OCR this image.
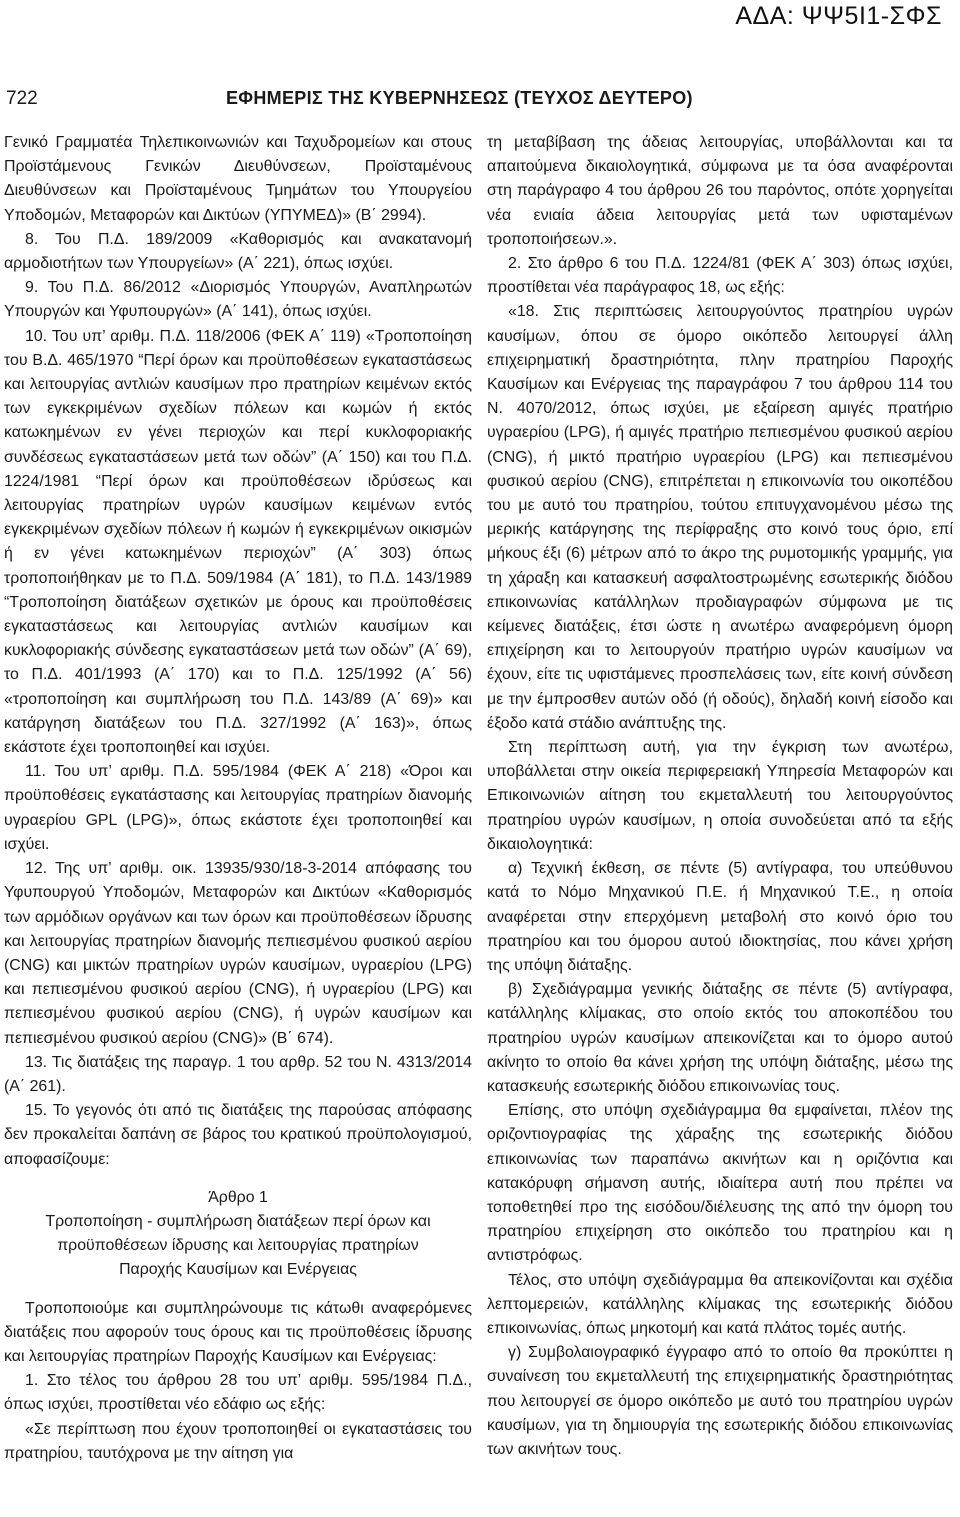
ΑΔΑ: ΨΨ5Ι1-ΣΦΣ
722	ΕΦΗΜΕΡΙΣ ΤΗΣ ΚΥΒΕΡΝΗΣΕΩΣ (ΤΕΥΧΟΣ ΔΕΥΤΕΡΟ)

Γενικό Γραμματέα Τηλεπικοινωνιών και Ταχυδρομείων και στους Προϊστάμενους Γενικών Διευθύνσεων, Προϊσταμένους Διευθύνσεων και Προϊσταμένους Τμημάτων του Υπουργείου Υποδομών, Μεταφορών και Δικτύων (ΥΠΥΜΕΔ)» (Β΄ 2994).

8. Του Π.Δ. 189/2009 «Καθορισμός και ανακατανομή αρμοδιοτήτων των Υπουργείων» (Α΄ 221), όπως ισχύει.

9. Του Π.Δ. 86/2012 «Διορισμός Υπουργών, Αναπληρωτών Υπουργών και Υφυπουργών» (Α΄ 141), όπως ισχύει.

10. Του υπ’ αριθμ. Π.Δ. 118/2006 (ΦΕΚ Α΄ 119) «Τροποποίηση του Β.Δ. 465/1970 “Περί όρων και προϋποθέσεων εγκαταστάσεως και λειτουργίας αντλιών καυσίμων προ πρατηρίων κειμένων εκτός των εγκεκριμένων σχεδίων πόλεων και κωμών ή εκτός κατωκημένων εν γένει περιοχών και περί κυκλοφοριακής συνδέσεως εγκαταστάσεων μετά των οδών” (Α΄ 150) και του Π.Δ. 1224/1981 “Περί όρων και προϋποθέσεων ιδρύσεως και λειτουργίας πρατηρίων υγρών καυσίμων κειμένων εντός εγκεκριμένων σχεδίων πόλεων ή κωμών ή εγκεκριμένων οικισμών ή εν γένει κατωκημένων περιοχών” (Α΄ 303) όπως τροποποιήθηκαν με το Π.Δ. 509/1984 (Α΄ 181), το Π.Δ. 143/1989 “Τροποποίηση διατάξεων σχετικών με όρους και προϋποθέσεις εγκαταστάσεως και λειτουργίας αντλιών καυσίμων και κυκλοφοριακής σύνδεσης εγκαταστάσεων μετά των οδών” (Α΄ 69), το Π.Δ. 401/1993 (Α΄ 170) και το Π.Δ. 125/1992 (Α΄ 56) «τροποποίηση και συμπλήρωση του Π.Δ. 143/89 (Α΄ 69)» και κατάργηση διατάξεων του Π.Δ. 327/1992 (Α΄ 163)», όπως εκάστοτε έχει τροποποιηθεί και ισχύει.

11. Του υπ’ αριθμ. Π.Δ. 595/1984 (ΦΕΚ Α΄ 218) «Όροι και προϋποθέσεις εγκατάστασης και λειτουργίας πρατηρίων διανομής υγραερίου GPL (LPG)», όπως εκάστοτε έχει τροποποιηθεί και ισχύει.

12. Της υπ’ αριθμ. οικ. 13935/930/18-3-2014 απόφασης του Υφυπουργού Υποδομών, Μεταφορών και Δικτύων «Καθορισμός των αρμόδιων οργάνων και των όρων και προϋποθέσεων ίδρυσης και λειτουργίας πρατηρίων διανομής πεπιεσμένου φυσικού αερίου (CNG) και μικτών πρατηρίων υγρών καυσίμων, υγραερίου (LPG) και πεπιεσμένου φυσικού αερίου (CNG), ή υγραερίου (LPG) και πεπιεσμένου φυσικού αερίου (CNG), ή υγρών καυσίμων και πεπιεσμένου φυσικού αερίου (CNG)» (Β΄ 674).

13. Τις διατάξεις της παραγρ. 1 του αρθρ. 52 του Ν. 4313/2014 (Α΄ 261).

15. Το γεγονός ότι από τις διατάξεις της παρούσας απόφασης δεν προκαλείται δαπάνη σε βάρος του κρατικού προϋπολογισμού, αποφασίζουμε:

Άρθρο 1

Τροποποίηση - συμπλήρωση διατάξεων περί όρων και

προϋποθέσεων ίδρυσης και λειτουργίας πρατηρίων

Παροχής Καυσίμων και Ενέργειας

Τροποποιούμε και συμπληρώνουμε τις κάτωθι αναφερόμενες διατάξεις που αφορούν τους όρους και τις προϋποθέσεις ίδρυσης και λειτουργίας πρατηρίων Παροχής Καυσίμων και Ενέργειας:

1. Στο τέλος του άρθρου 28 του υπ’ αριθμ. 595/1984 Π.Δ., όπως ισχύει, προστίθεται νέο εδάφιο ως εξής:

«Σε περίπτωση που έχουν τροποποιηθεί οι εγκαταστάσεις του πρατηρίου, ταυτόχρονα με την αίτηση για

τη μεταβίβαση της άδειας λειτουργίας, υποβάλλονται και τα απαιτούμενα δικαιολογητικά, σύμφωνα με τα όσα αναφέρονται στη παράγραφο 4 του άρθρου 26 του παρόντος, οπότε χορηγείται νέα ενιαία άδεια λειτουργίας μετά των υφισταμένων τροποποιήσεων.».

2. Στο άρθρο 6 του Π.Δ. 1224/81 (ΦΕΚ Α΄ 303) όπως ισχύει, προστίθεται νέα παράγραφος 18, ως εξής:

«18. Στις περιπτώσεις λειτουργούντος πρατηρίου υγρών καυσίμων, όπου σε όμορο οικόπεδο λειτουργεί άλλη επιχειρηματική δραστηριότητα, πλην πρατηρίου Παροχής Καυσίμων και Ενέργειας της παραγράφου 7 του άρθρου 114 του Ν. 4070/2012, όπως ισχύει, με εξαίρεση αμιγές πρατήριο υγραερίου (LPG), ή αμιγές πρατήριο πεπιεσμένου φυσικού αερίου (CNG), ή μικτό πρατήριο υγραερίου (LPG) και πεπιεσμένου φυσικού αερίου (CNG), επιτρέπεται η επικοινωνία του οικοπέδου του με αυτό του πρατηρίου, τούτου επιτυγχανομένου μέσω της μερικής κατάργησης της περίφραξης στο κοινό τους όριο, επί μήκους έξι (6) μέτρων από το άκρο της ρυμοτομικής γραμμής, για τη χάραξη και κατασκευή ασφαλτοστρωμένης εσωτερικής διόδου επικοινωνίας κατάλληλων προδιαγραφών σύμφωνα με τις κείμενες διατάξεις, έτσι ώστε η ανωτέρω αναφερόμενη όμορη επιχείρηση και το λειτουργούν πρατήριο υγρών καυσίμων να έχουν, είτε τις υφιστάμενες προσπελάσεις των, είτε κοινή σύνδεση με την έμπροσθεν αυτών οδό (ή οδούς), δηλαδή κοινή είσοδο και έξοδο κατά στάδιο ανάπτυξης της.

Στη περίπτωση αυτή, για την έγκριση των ανωτέρω, υποβάλλεται στην οικεία περιφερειακή Υπηρεσία Μεταφορών και Επικοινωνιών αίτηση του εκμεταλλευτή του λειτουργούντος πρατηρίου υγρών καυσίμων, η οποία συνοδεύεται από τα εξής δικαιολογητικά:

α) Τεχνική έκθεση, σε πέντε (5) αντίγραφα, του υπεύθυνου κατά το Νόμο Μηχανικού Π.Ε. ή Μηχανικού Τ.Ε., η οποία αναφέρεται στην επερχόμενη μεταβολή στο κοινό όριο του πρατηρίου και του όμορου αυτού ιδιοκτησίας, που κάνει χρήση της υπόψη διάταξης.

β) Σχεδιάγραμμα γενικής διάταξης σε πέντε (5) αντίγραφα, κατάλληλης κλίμακας, στο οποίο εκτός του αποκοπέδου του πρατηρίου υγρών καυσίμων απεικονίζεται και το όμορο αυτού ακίνητο το οποίο θα κάνει χρήση της υπόψη διάταξης, μέσω της κατασκευής εσωτερικής διόδου επικοινωνίας τους.

Επίσης, στο υπόψη σχεδιάγραμμα θα εμφαίνεται, πλέον της οριζοντιογραφίας της χάραξης της εσωτερικής διόδου επικοινωνίας των παραπάνω ακινήτων και η οριζόντια και κατακόρυφη σήμανση αυτής, ιδιαίτερα αυτή που πρέπει να τοποθετηθεί προ της εισόδου/διέλευσης της από την όμορη του πρατηρίου επιχείρηση στο οικόπεδο του πρατηρίου και η αντιστρόφως.

Τέλος, στο υπόψη σχεδιάγραμμα θα απεικονίζονται και σχέδια λεπτομερειών, κατάλληλης κλίμακας της εσωτερικής διόδου επικοινωνίας, όπως μηκοτομή και κατά πλάτος τομές αυτής.

γ) Συμβολαιογραφικό έγγραφο από το οποίο θα προκύπτει η συναίνεση του εκμεταλλευτή της επιχειρηματικής δραστηριότητας που λειτουργεί σε όμορο οικόπεδο με αυτό του πρατηρίου υγρών καυσίμων, για τη δημιουργία της εσωτερικής διόδου επικοινωνίας των ακινήτων τους.
